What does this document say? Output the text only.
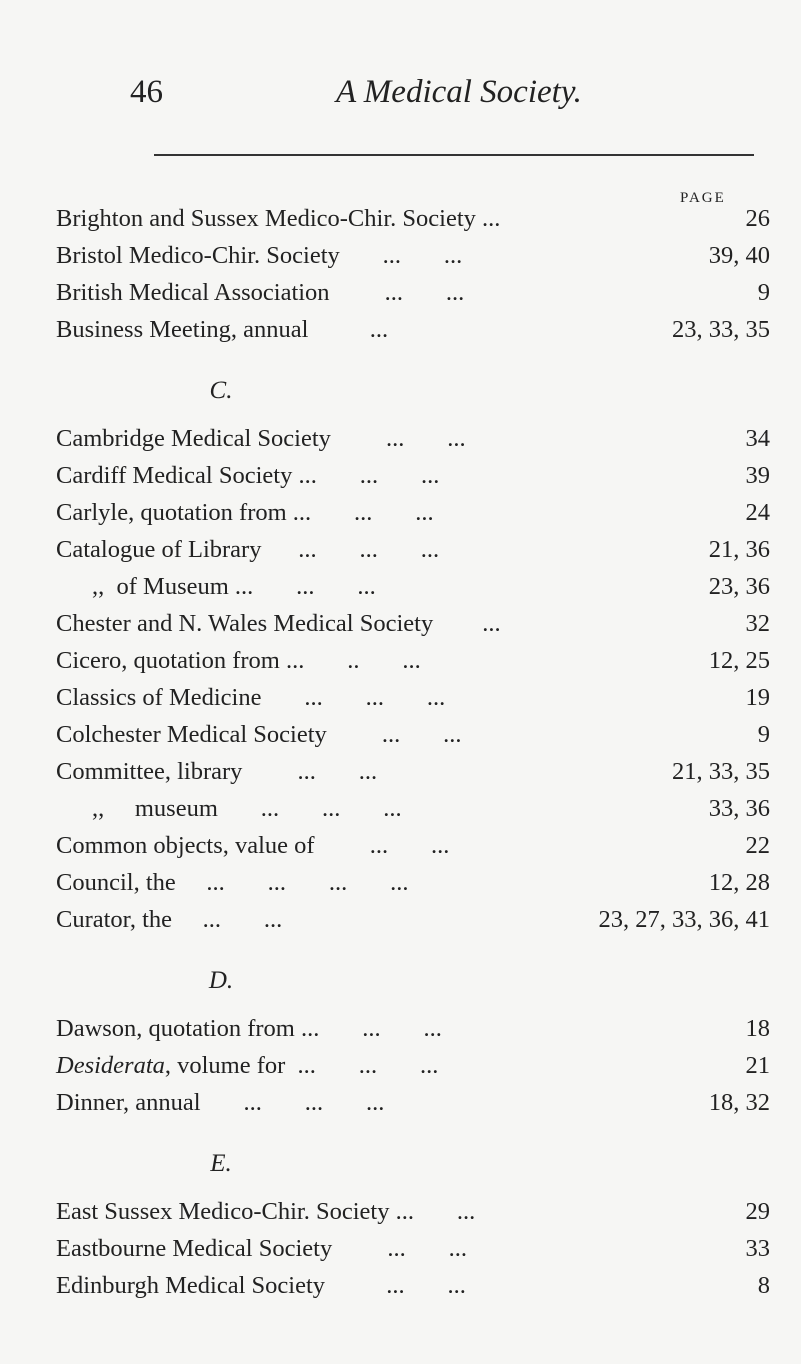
46	A Medical Society.
PAGE
Brighton and Sussex Medico-Chir. Society ...	26
Bristol Medico-Chir. Society       ...       ...	39, 40
British Medical Association         ...       ...	9
Business Meeting, annual          ...	23, 33, 35
C.
Cambridge Medical Society         ...       ...	34
Cardiff Medical Society ...       ...       ...	39
Carlyle, quotation from ...       ...       ...	24
Catalogue of Library      ...       ...       ...	21, 36
,,  of Museum ...       ...       ...	23, 36
Chester and N. Wales Medical Society        ...	32
Cicero, quotation from ...       ..       ...	12, 25
Classics of Medicine       ...       ...       ...	19
Colchester Medical Society         ...       ...	9
Committee, library         ...       ...	21, 33, 35
,,     museum       ...       ...       ...	33, 36
Common objects, value of         ...       ...	22
Council, the     ...       ...       ...       ...	12, 28
Curator, the     ...       ...	23, 27, 33, 36, 41
D.
Dawson, quotation from ...       ...       ...	18
Desiderata, volume for  ...       ...       ...	21
Dinner, annual       ...       ...       ...	18, 32
E.
East Sussex Medico-Chir. Society ...       ...	29
Eastbourne Medical Society         ...       ...	33
Edinburgh Medical Society          ...       ...	8
